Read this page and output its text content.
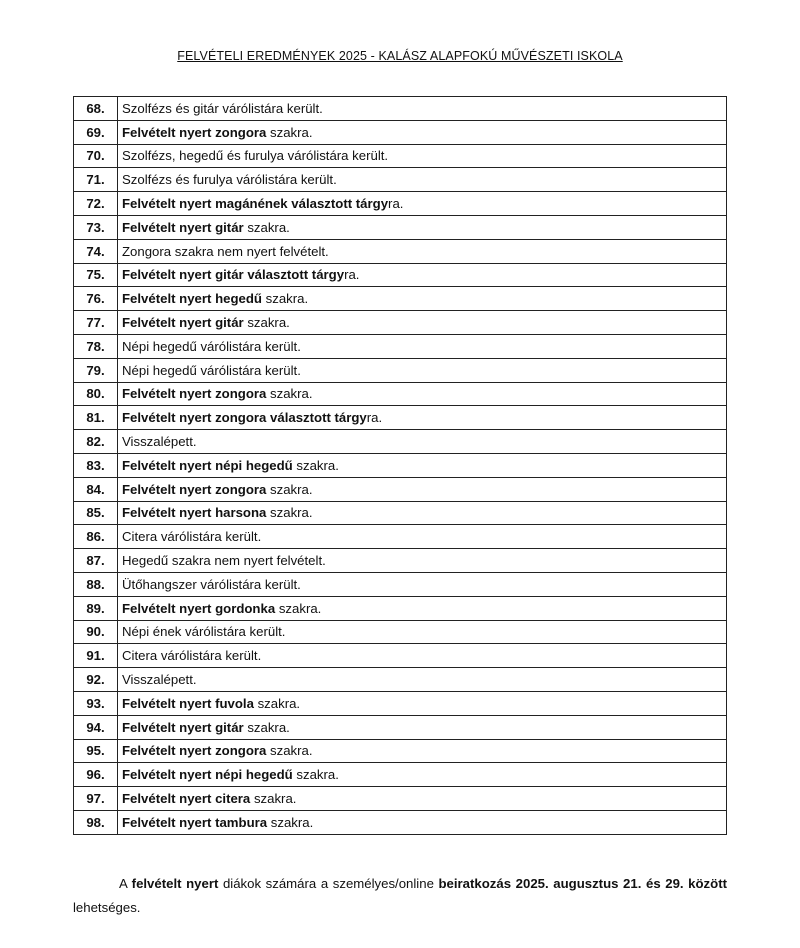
FELVÉTELI EREDMÉNYEK 2025 - KALÁSZ ALAPFOKÚ MŰVÉSZETI ISKOLA
68.	Szolfézs és gitár várólistára került.
69.	Felvételt nyert zongora szakra.
70.	Szolfézs, hegedű és furulya várólistára került.
71.	Szolfézs és furulya várólistára került.
72.	Felvételt nyert magánének választott tárgyra.
73.	Felvételt nyert gitár szakra.
74.	Zongora szakra nem nyert felvételt.
75.	Felvételt nyert gitár választott tárgyra.
76.	Felvételt nyert hegedű szakra.
77.	Felvételt nyert gitár szakra.
78.	Népi hegedű várólistára került.
79.	Népi hegedű várólistára került.
80.	Felvételt nyert zongora szakra.
81.	Felvételt nyert zongora választott tárgyra.
82.	Visszalépett.
83.	Felvételt nyert népi hegedű szakra.
84.	Felvételt nyert zongora szakra.
85.	Felvételt nyert harsona szakra.
86.	Citera várólistára került.
87.	Hegedű szakra nem nyert felvételt.
88.	Ütőhangszer várólistára került.
89.	Felvételt nyert gordonka szakra.
90.	Népi ének várólistára került.
91.	Citera várólistára került.
92.	Visszalépett.
93.	Felvételt nyert fuvola szakra.
94.	Felvételt nyert gitár szakra.
95.	Felvételt nyert zongora szakra.
96.	Felvételt nyert népi hegedű szakra.
97.	Felvételt nyert citera szakra.
98.	Felvételt nyert tambura szakra.

A felvételt nyert diákok számára a személyes/online beiratkozás 2025. augusztus 21. és 29. között lehetséges.
